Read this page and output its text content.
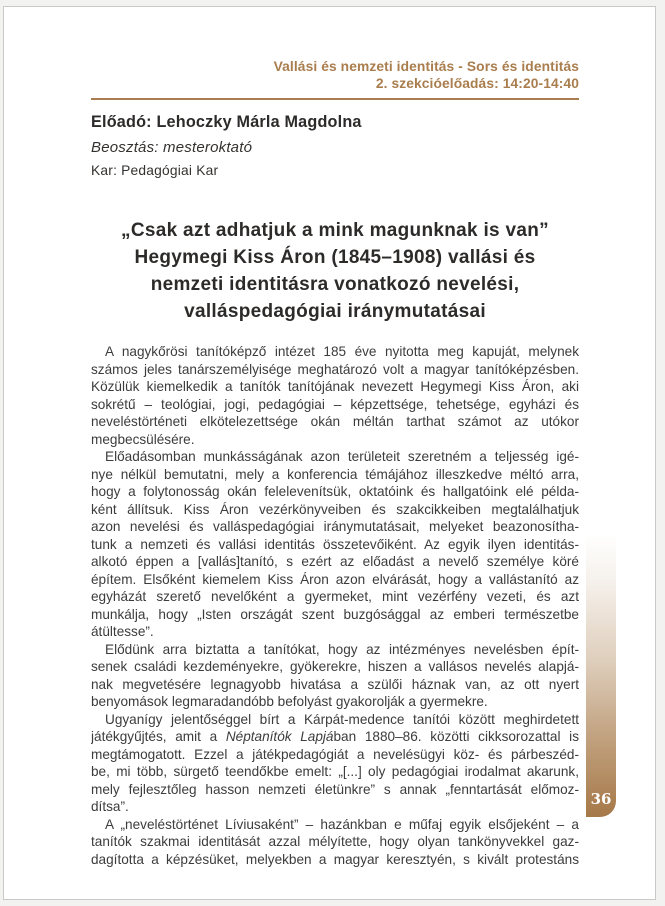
Vallási és nemzeti identitás - Sors és identitás
2. szekcióelőadás: 14:20-14:40
Előadó: Lehoczky Márla Magdolna
Beosztás: mesteroktató
Kar: Pedagógiai Kar
„Csak azt adhatjuk a mink magunknak is van”
Hegymegi Kiss Áron (1845–1908) vallási és
nemzeti identitásra vonatkozó nevelési,
valláspedagógiai iránymutatásai
A nagykőrösi tanítóképző intézet 185 éve nyitotta meg kapuját, melynek
számos jeles tanárszemélyisége meghatározó volt a magyar tanítóképzésben.
Közülük kiemelkedik a tanítók tanítójának nevezett Hegymegi Kiss Áron, aki
sokrétű – teológiai, jogi, pedagógiai – képzettsége, tehetsége, egyházi és
neveléstörténeti elkötelezettsége okán méltán tarthat számot az utókor
megbecsülésére.
Előadásomban munkásságának azon területeit szeretném a teljesség igé-
nye nélkül bemutatni, mely a konferencia témájához illeszkedve méltó arra,
hogy a folytonosság okán felelevenítsük, oktatóink és hallgatóink elé példa-
ként állítsuk. Kiss Áron vezérkönyveiben és szakcikkeiben megtalálhatjuk
azon nevelési és valláspedagógiai iránymutatásait, melyeket beazonosítha-
tunk a nemzeti és vallási identitás összetevőiként. Az egyik ilyen identitás-
alkotó éppen a [vallás]tanító, s ezért az előadást a nevelő személye köré
építem. Elsőként kiemelem Kiss Áron azon elvárását, hogy a vallástanító az
egyházát szerető nevelőként a gyermeket, mint vezérfény vezeti, és azt
munkálja, hogy „Isten országát szent buzgósággal az emberi természetbe
átültesse”.
Elődünk arra biztatta a tanítókat, hogy az intézményes nevelésben épít-
senek családi kezdeményekre, gyökerekre, hiszen a vallásos nevelés alapjá-
nak megvetésére legnagyobb hivatása a szülői háznak van, az ott nyert
benyomások legmaradandóbb befolyást gyakorolják a gyermekre.
Ugyanígy jelentőséggel bírt a Kárpát-medence tanítói között meghirdetett
játékgyűjtés, amit a Néptanítók Lapjában 1880–86. közötti cikksorozattal is
megtámogatott. Ezzel a játékpedagógiát a nevelésügyi köz- és párbeszéd-
be, mi több, sürgető teendőkbe emelt: „[...] oly pedagógiai irodalmat akarunk,
mely fejlesztőleg hasson nemzeti életünkre” s annak „fenntartását előmoz-
dítsa”.
A „neveléstörténet Líviusaként” – hazánkban e műfaj egyik elsőjeként – a
tanítók szakmai identitását azzal mélyítette, hogy olyan tankönyvekkel gaz-
dagította a képzésüket, melyekben a magyar keresztyén, s kivált protestáns
36
